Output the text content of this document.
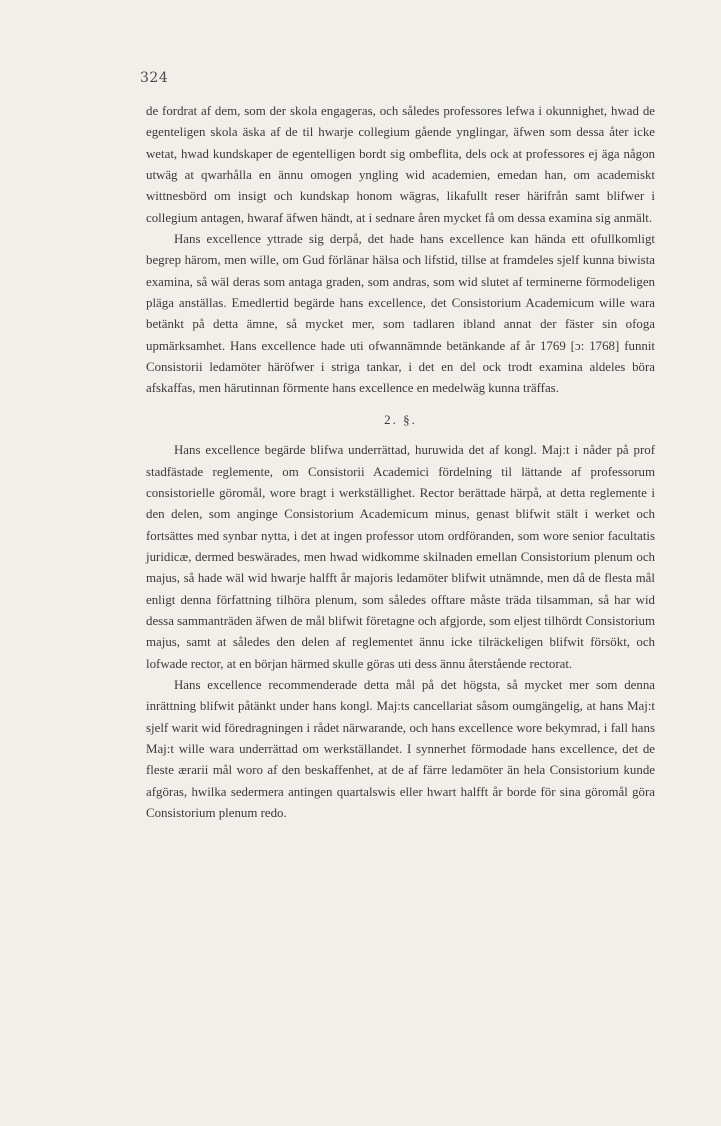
324

de fordrat af dem, som der skola engageras, och således professores lefwa i okunnighet, hwad de egenteligen skola äska af de til hwarje collegium gående ynglingar, äfwen som dessa åter icke wetat, hwad kundskaper de egentelligen bordt sig ombeflita, dels ock at professores ej äga någon utwäg at qwarhålla en ännu omogen yngling wid academien, emedan han, om academiskt wittnesbörd om insigt och kundskap honom wägras, likafullt reser härifrån samt blifwer i collegium antagen, hwaraf äfwen händt, at i sednare åren mycket få om dessa examina sig anmält.

Hans excellence yttrade sig derpå, det hade hans excellence kan hända ett ofullkomligt begrep härom, men wille, om Gud förlänar hälsa och lifstid, tillse at framdeles sjelf kunna biwista examina, så wäl deras som antaga graden, som andras, som wid slutet af terminerne förmodeligen pläga anställas. Emedlertid begärde hans excellence, det Consistorium Academicum wille wara betänkt på detta ämne, så mycket mer, som tadlaren ibland annat der fäster sin ofoga upmärksamhet. Hans excellence hade uti ofwannämnde betänkande af år 1769 [ɔ: 1768] funnit Consistorii ledamöter häröfwer i striga tankar, i det en del ock trodt examina aldeles böra afskaffas, men härutinnan förmente hans excellence en medelwäg kunna träffas.

2. §.

Hans excellence begärde blifwa underrättad, huruwida det af kongl. Maj:t i nåder på prof stadfästade reglemente, om Consistorii Academici fördelning til lättande af professorum consistorielle göromål, wore bragt i werkställighet. Rector berättade härpå, at detta reglemente i den delen, som anginge Consistorium Academicum minus, genast blifwit stält i werket och fortsättes med synbar nytta, i det at ingen professor utom ordföranden, som wore senior facultatis juridicæ, dermed beswärades, men hwad widkomme skilnaden emellan Consistorium plenum och majus, så hade wäl wid hwarje halfft år majoris ledamöter blifwit utnämnde, men då de flesta mål enligt denna författning tilhöra plenum, som således offtare måste träda tilsamman, så har wid dessa sammanträden äfwen de mål blifwit företagne och afgjorde, som eljest tilhördt Consistorium majus, samt at således den delen af reglementet ännu icke tilräckeligen blifwit försökt, och lofwade rector, at en början härmed skulle göras uti dess ännu återstående rectorat.

Hans excellence recommenderade detta mål på det högsta, så mycket mer som denna inrättning blifwit påtänkt under hans kongl. Maj:ts cancellariat såsom oumgängelig, at hans Maj:t sjelf warit wid föredragningen i rådet närwarande, och hans excellence wore bekymrad, i fall hans Maj:t wille wara underrättad om werkställandet. I synnerhet förmodade hans excellence, det de fleste ærarii mål woro af den beskaffenhet, at de af färre ledamöter än hela Consistorium kunde afgöras, hwilka sedermera antingen quartalswis eller hwart halfft år borde för sina göromål göra Consistorium plenum redo.
